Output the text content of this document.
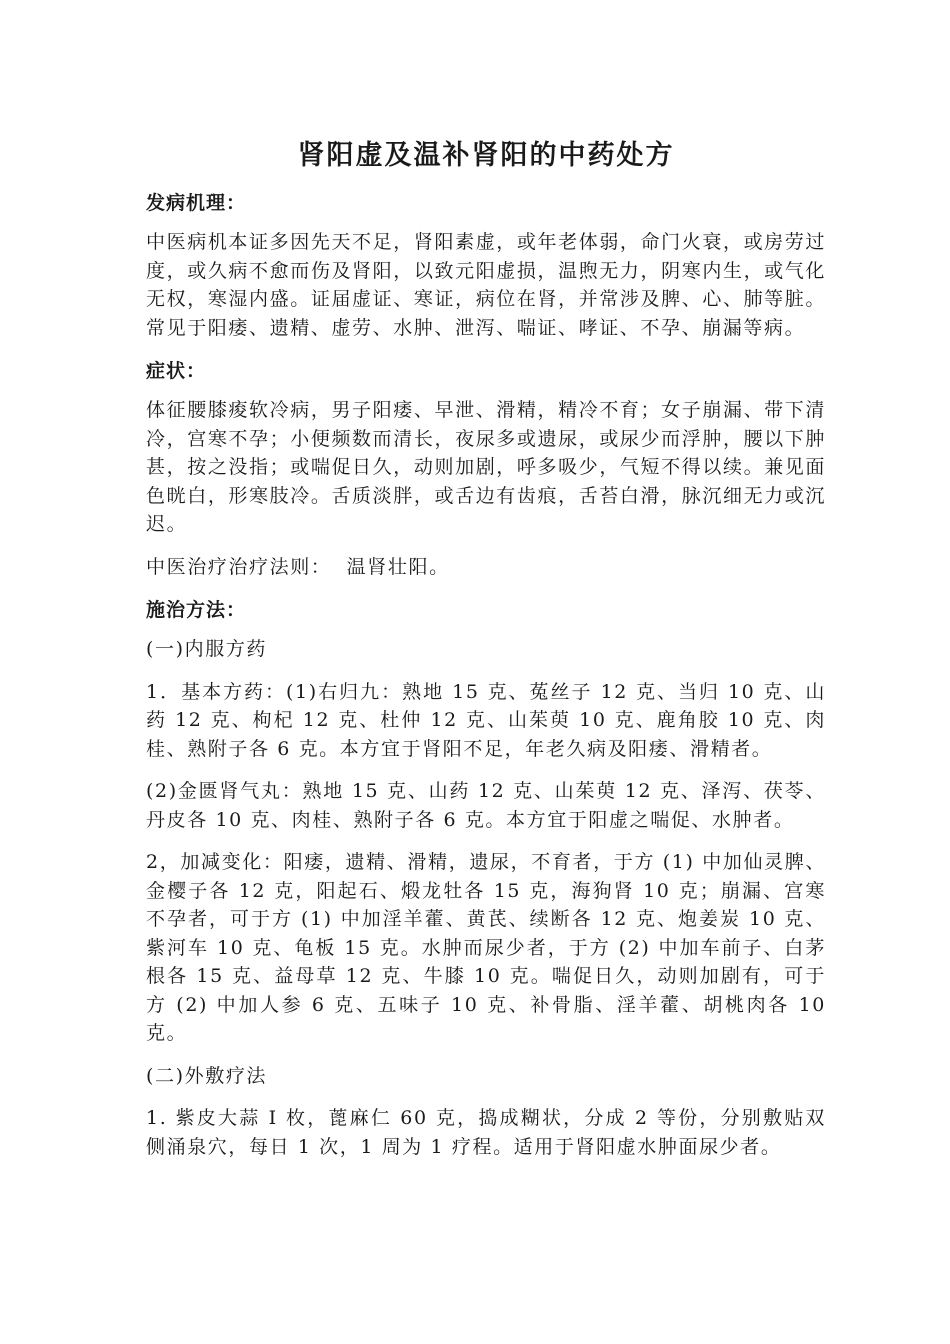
肾阳虚及温补肾阳的中药处方
发病机理：
中医病机本证多因先天不足，肾阳素虚，或年老体弱，命门火衰，或房劳过度，或久病不愈而伤及肾阳，以致元阳虚损，温煦无力，阴寒内生，或气化无权，寒湿内盛。证届虚证、寒证，病位在肾，并常涉及脾、心、肺等脏。常见于阳痿、遗精、虚劳、水肿、泄泻、喘证、哮证、不孕、崩漏等病。
症状：
体征腰膝痠软冷病，男子阳痿、早泄、滑精，精冷不育；女子崩漏、带下清冷，宫寒不孕；小便频数而清长，夜尿多或遗尿，或尿少而浮肿，腰以下肿甚，按之没指；或喘促日久，动则加剧，呼多吸少，气短不得以续。兼见面色晄白，形寒肢冷。舌质淡胖，或舌边有齿痕，舌苔白滑，脉沉细无力或沉迟。
中医治疗治疗法则：  温肾壮阳。
施治方法：
(一)内服方药
1．基本方药：(1)右归九：熟地 15 克、菟丝子 12 克、当归 10 克、山药 12 克、枸杞 12 克、杜仲 12 克、山茱萸 10 克、鹿角胶 10 克、肉桂、熟附子各 6 克。本方宜于肾阳不足，年老久病及阳痿、滑精者。
(2)金匮肾气丸：熟地 15 克、山药 12 克、山茱萸 12 克、泽泻、茯苓、丹皮各 10 克、肉桂、熟附子各 6 克。本方宜于阳虚之喘促、水肿者。
2，加减变化：阳痿，遗精、滑精，遗尿，不育者，于方 (1) 中加仙灵脾、金樱子各 12 克，阳起石、煅龙牡各 15 克，海狗肾 10 克；崩漏、宫寒不孕者，可于方 (1) 中加淫羊藿、黄芪、续断各 12 克、炮姜炭 10 克、紫河车 10 克、龟板 15 克。水肿而尿少者，于方 (2) 中加车前子、白茅根各 15 克、益母草 12 克、牛膝 10 克。喘促日久，动则加剧有，可于方 (2) 中加人参 6 克、五味子 10 克、补骨脂、淫羊藿、胡桃肉各 10 克。
(二)外敷疗法
1. 紫皮大蒜 I 枚，蓖麻仁 60 克，捣成糊状，分成 2 等份，分别敷贴双侧涌泉穴，每日 1 次，1 周为 1 疗程。适用于肾阳虚水肿面尿少者。
